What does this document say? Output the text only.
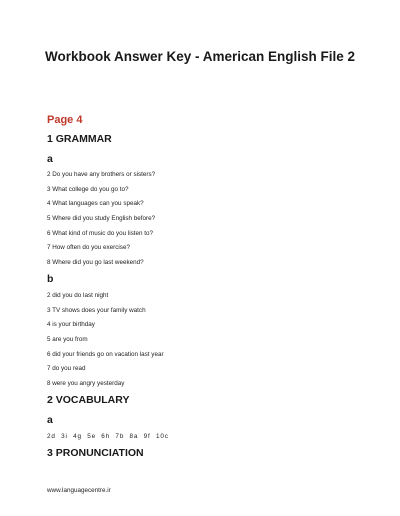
Workbook Answer Key - American English File 2
Page 4
1 GRAMMAR
a
2 Do you have any brothers or sisters?
3 What college do you go to?
4 What languages can you speak?
5 Where did you study English before?
6 What kind of music do you listen to?
7 How often do you exercise?
8 Where did you go last weekend?
b
2 did you do last night
3 TV shows does your family watch
4 is your birthday
5 are you from
6 did your friends go on vacation last year
7 do you read
8 were you angry yesterday
2 VOCABULARY
a
2d  3i  4g  5e  6h  7b  8a  9f  10c
3 PRONUNCIATION
www.languagecentre.ir
